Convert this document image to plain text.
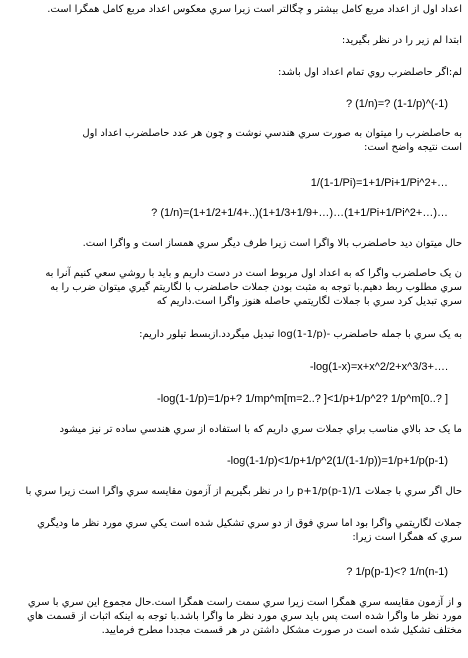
اعداد اول از اعداد مربع کامل بیشتر و چگالتر است زیرا سري معکوس اعداد مربع کامل همگرا است.
ابتدا لم زیر را در نظر بگیرید:
لم:اگر حاصلضرب روي تمام اعداد اول باشد:
? (1/n)=? (1-1/p)^(-1)
به حاصلضرب را میتوان به صورت سري هندسي نوشت و چون هر عدد حاصلضرب اعداد اول
است نتیجه واضح است:
1/(1-1/Pi)=1+1/Pi+1/Pi^2+…
? (1/n)=(1+1/2+1/4+..)(1+1/3+1/9+…)…(1+1/Pi+1/Pi^2+…)…
حال میتوان دید حاصلضرب بالا واگرا است زیرا طرف دیگر سري همساز است و واگرا است.
ن یک حاصلضرب واگرا که به اعداد اول مربوط است در دست داریم و باید با روشي سعي کنیم آنرا به
سري مطلوب ربط دهیم.با توجه به مثبت بودن جملات حاصلضرب با لگاریتم گیري میتوان ضرب را به
سري تبدیل کرد سري با جملات لگاریتمي حاصله هنوز واگرا است.داریم که
به یک سري با جمله حاصلضرب -log(1-1/p) تبدیل میگردد.ازبسط تیلور داریم:
-log(1-x)=x+x^2/2+x^3/3+….
-log(1-1/p)=1/p+? 1/mp^m[m=2..? ]<1/p+1/p^2? 1/p^m[0..? ]
ما یک حد بالاي مناسب براي جملات سري داریم که با استفاده از سري هندسي ساده تر نیز میشود
-log(1-1/p)<1/p+1/p^2(1/(1-1/p))=1/p+1/p(p-1)
حال اگر سري با جملات 1/p+1/p(p-1) را در نظر بگیریم از آزمون مقایسه سري واگرا است زیرا سري با
جملات لگاریتمي واگرا بود اما سري فوق از دو سري تشکیل شده است یکي سري مورد نظر ما ودیگري
سري که همگرا است زیرا:
? 1/p(p-1)<? 1/n(n-1)
و از آزمون مقایسه سري همگرا است زیرا سري سمت راست همگرا است.حال مجموع این سري با سري
مورد نظر ما واگرا شده است پس باید سري مورد نظر ما واگرا باشد.با توجه به اینکه اثبات از قسمت هاي
مختلف تشکیل شده است در صورت مشکل داشتن در هر قسمت مجددا مطرح فرمایید.
